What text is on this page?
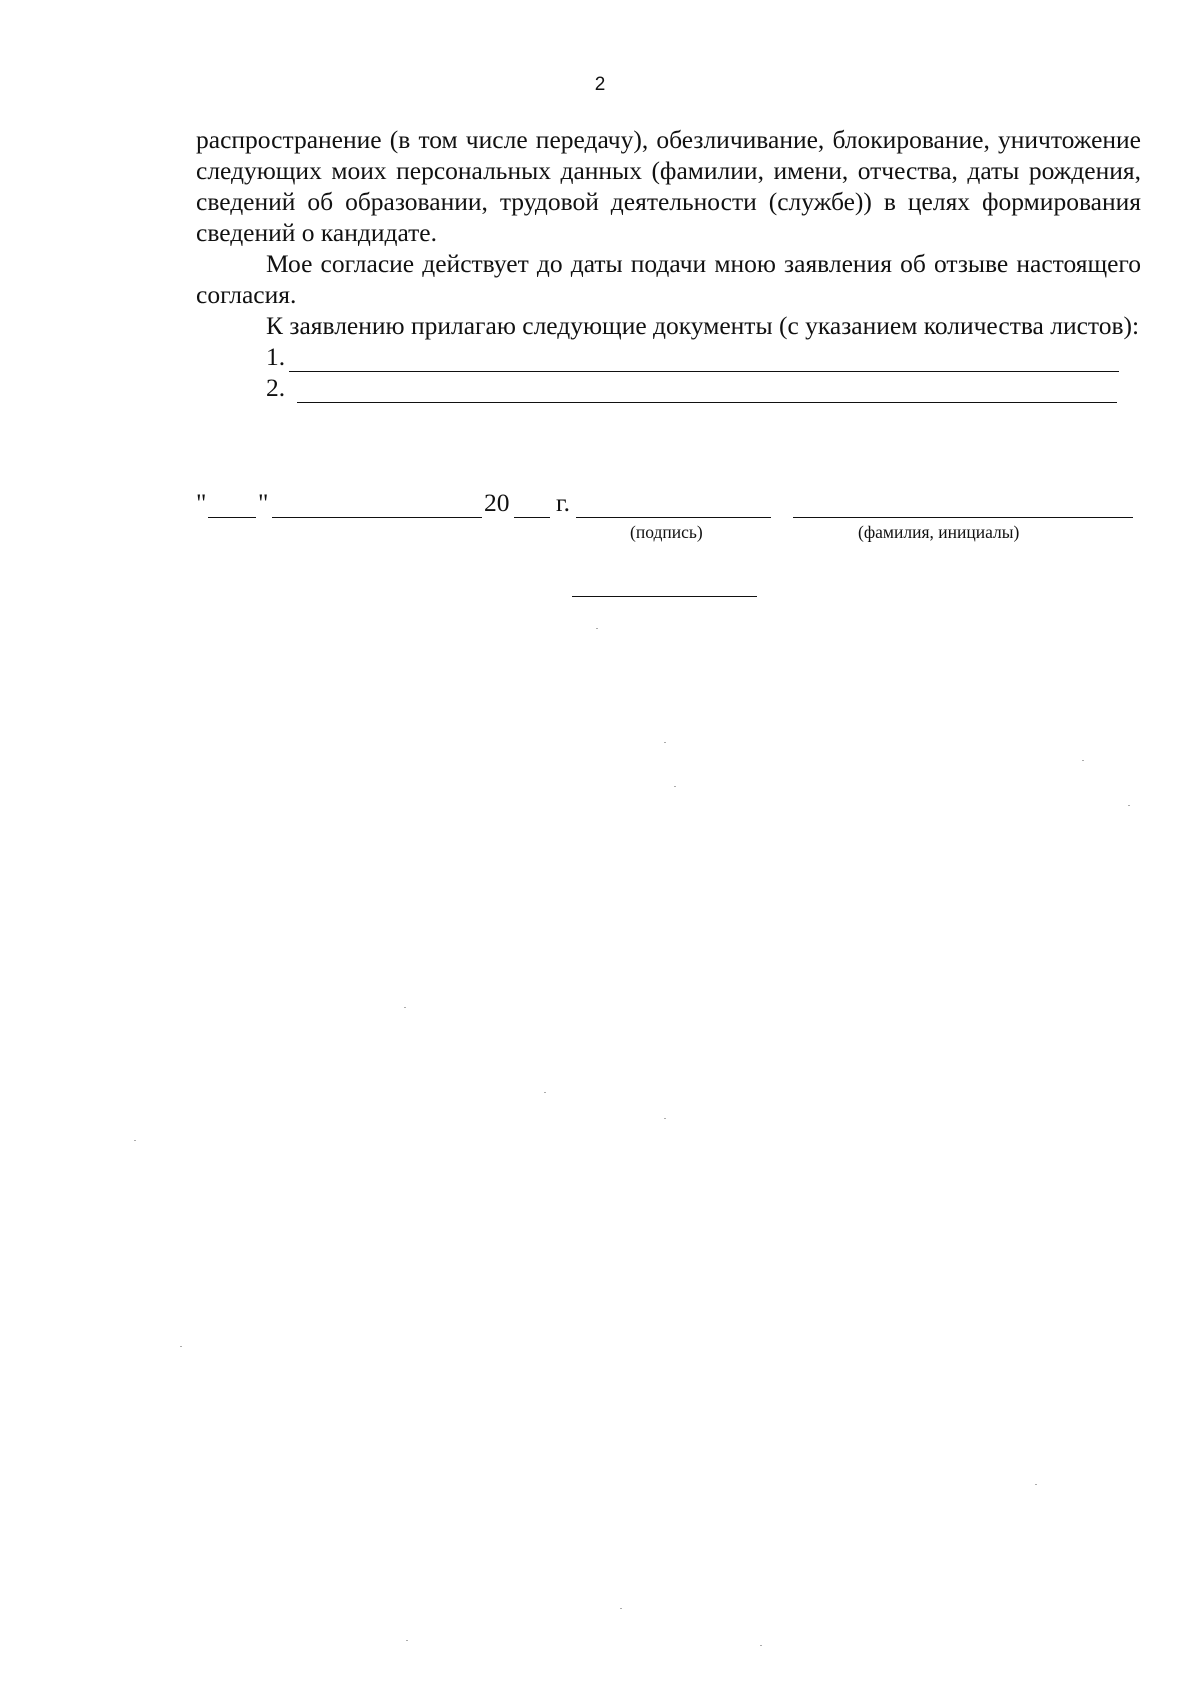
2

распространение (в том числе передачу), обезличивание, блокирование, уничтожение следующих моих персональных данных (фамилии, имени, отчества, даты рождения, сведений об образовании, трудовой деятельности (службе)) в целях формирования сведений о кандидате.

Мое согласие действует до даты подачи мною заявления об отзыве настоящего согласия.

К заявлению прилагаю следующие документы (с указанием количества листов):

1.
2.
" "	20 г.
(подпись)	(фамилия, инициалы)
